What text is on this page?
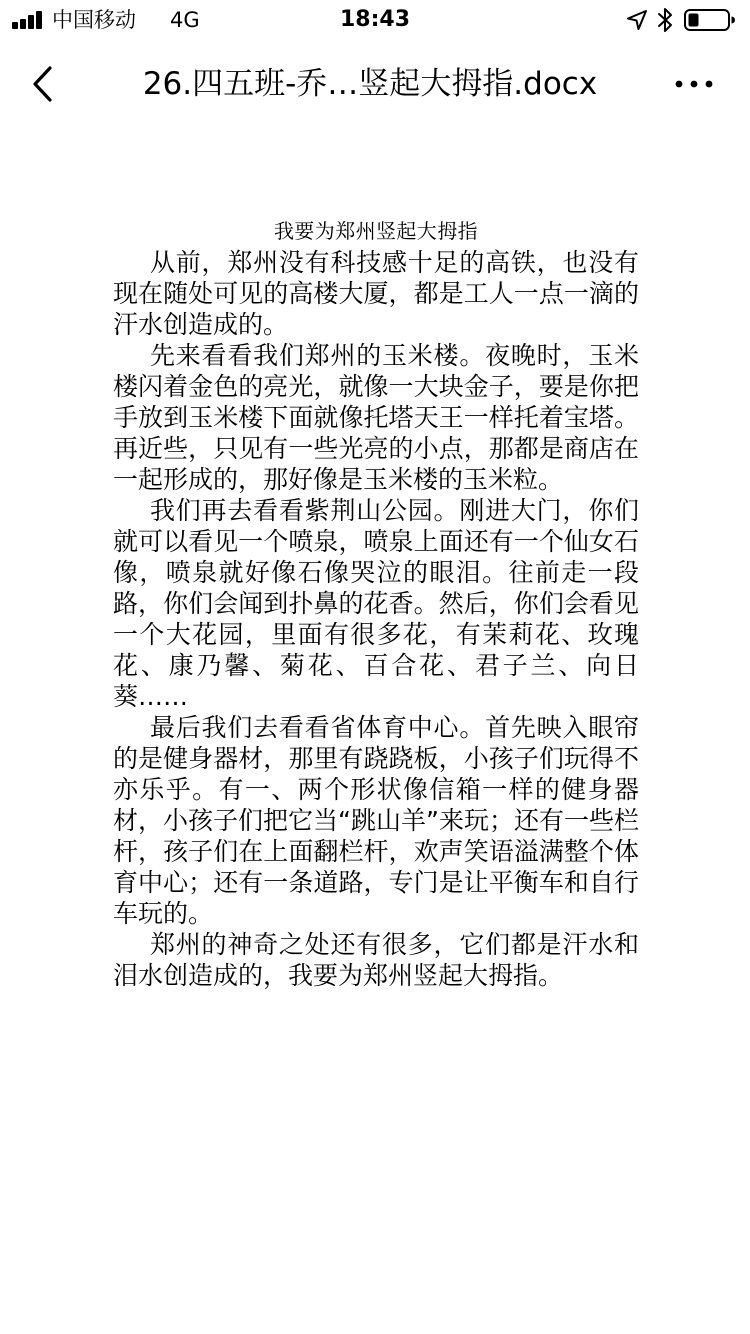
中国移动 4G	18:43
26.四五班-乔…竖起大拇指.docx
我要为郑州竖起大拇指

从前，郑州没有科技感十足的高铁，也没有现在随处可见的高楼大厦，都是工人一点一滴的汗水创造成的。

先来看看我们郑州的玉米楼。夜晚时，玉米楼闪着金色的亮光，就像一大块金子，要是你把手放到玉米楼下面就像托塔天王一样托着宝塔。再近些，只见有一些光亮的小点，那都是商店在一起形成的，那好像是玉米楼的玉米粒。

我们再去看看紫荆山公园。刚进大门，你们就可以看见一个喷泉，喷泉上面还有一个仙女石像，喷泉就好像石像哭泣的眼泪。往前走一段路，你们会闻到扑鼻的花香。然后，你们会看见一个大花园，里面有很多花，有茉莉花、玫瑰花、康乃馨、菊花、百合花、君子兰、向日葵……

最后我们去看看省体育中心。首先映入眼帘的是健身器材，那里有跷跷板，小孩子们玩得不亦乐乎。有一、两个形状像信箱一样的健身器材，小孩子们把它当“跳山羊”来玩；还有一些栏杆，孩子们在上面翻栏杆，欢声笑语溢满整个体育中心；还有一条道路，专门是让平衡车和自行车玩的。

郑州的神奇之处还有很多，它们都是汗水和泪水创造成的，我要为郑州竖起大拇指。
